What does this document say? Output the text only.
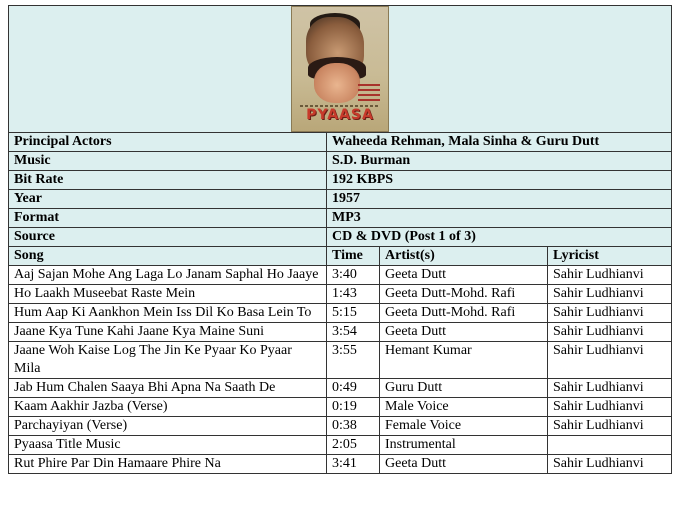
PYAASA			

Principal Actors	Waheeda Rehman, Mala Sinha & Guru Dutt		
Music	S.D. Burman		
Bit Rate	192 KBPS		
Year	1957		
Format	MP3		
Source	CD & DVD (Post 1 of 3)		
Song	Time	Artist(s)	Lyricist
Aaj Sajan Mohe Ang Laga Lo Janam Saphal Ho Jaaye	3:40	Geeta Dutt	Sahir Ludhianvi
Ho Laakh Museebat Raste Mein	1:43	Geeta Dutt-Mohd. Rafi	Sahir Ludhianvi
Hum Aap Ki Aankhon Mein Iss Dil Ko Basa Lein To	5:15	Geeta Dutt-Mohd. Rafi	Sahir Ludhianvi
Jaane Kya Tune Kahi Jaane Kya Maine Suni	3:54	Geeta Dutt	Sahir Ludhianvi
Jaane Woh Kaise Log The Jin Ke Pyaar Ko Pyaar Mila	3:55	Hemant Kumar	Sahir Ludhianvi
Jab Hum Chalen Saaya Bhi Apna Na Saath De	0:49	Guru Dutt	Sahir Ludhianvi
Kaam Aakhir Jazba (Verse)	0:19	Male Voice	Sahir Ludhianvi
Parchayiyan (Verse)	0:38	Female Voice	Sahir Ludhianvi
Pyaasa Title Music	2:05	Instrumental	
Rut Phire Par Din Hamaare Phire Na	3:41	Geeta Dutt	Sahir Ludhianvi
